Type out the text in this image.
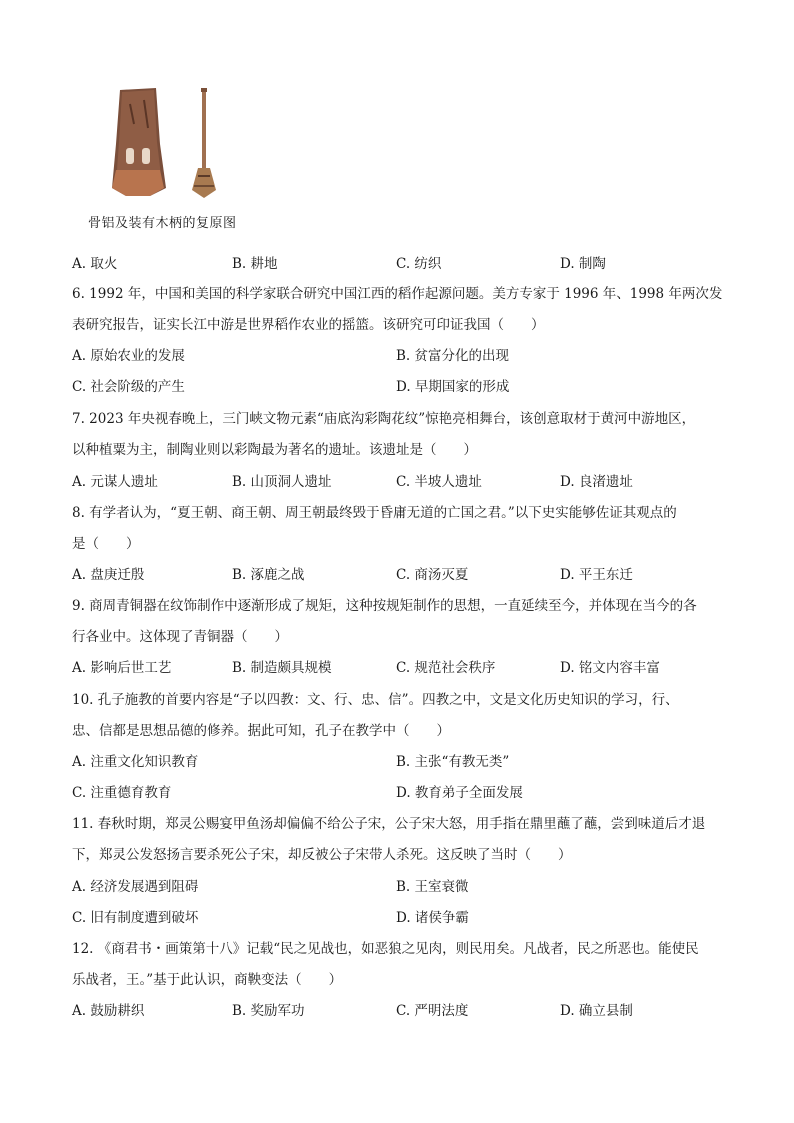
骨铝及装有木柄的复原图
A. 取火	B. 耕地	C. 纺织	D. 制陶
6. 1992 年，中国和美国的科学家联合研究中国江西的稻作起源问题。美方专家于 1996 年、1998 年两次发
表研究报告，证实长江中游是世界稻作农业的摇篮。该研究可印证我国（　　）
A. 原始农业的发展	B. 贫富分化的出现
C. 社会阶级的产生	D. 早期国家的形成
7. 2023 年央视春晚上，三门峡文物元素“庙底沟彩陶花纹”惊艳亮相舞台，该创意取材于黄河中游地区，
以种植粟为主，制陶业则以彩陶最为著名的遗址。该遗址是（　　）
A. 元谋人遗址	B. 山顶洞人遗址	C. 半坡人遗址	D. 良渚遗址
8. 有学者认为，“夏王朝、商王朝、周王朝最终毁于昏庸无道的亡国之君。”以下史实能够佐证其观点的
是（　　）
A. 盘庚迁殷	B. 涿鹿之战	C. 商汤灭夏	D. 平王东迁
9. 商周青铜器在纹饰制作中逐渐形成了规矩，这种按规矩制作的思想，一直延续至今，并体现在当今的各
行各业中。这体现了青铜器（　　）
A. 影响后世工艺	B. 制造颇具规模	C. 规范社会秩序	D. 铭文内容丰富
10. 孔子施教的首要内容是“子以四教：文、行、忠、信”。四教之中，文是文化历史知识的学习，行、
忠、信都是思想品德的修养。据此可知，孔子在教学中（　　）
A. 注重文化知识教育	B. 主张“有教无类”
C. 注重德育教育	D. 教育弟子全面发展
11. 春秋时期，郑灵公赐宴甲鱼汤却偏偏不给公子宋，公子宋大怒，用手指在鼎里蘸了蘸，尝到味道后才退
下，郑灵公发怒扬言要杀死公子宋，却反被公子宋带人杀死。这反映了当时（　　）
A. 经济发展遇到阻碍	B. 王室衰微
C. 旧有制度遭到破坏	D. 诸侯争霸
12. 《商君书・画策第十八》记载“民之见战也，如恶狼之见肉，则民用矣。凡战者，民之所恶也。能使民
乐战者，王。”基于此认识，商鞅变法（　　）
A. 鼓励耕织	B. 奖励军功	C. 严明法度	D. 确立县制
